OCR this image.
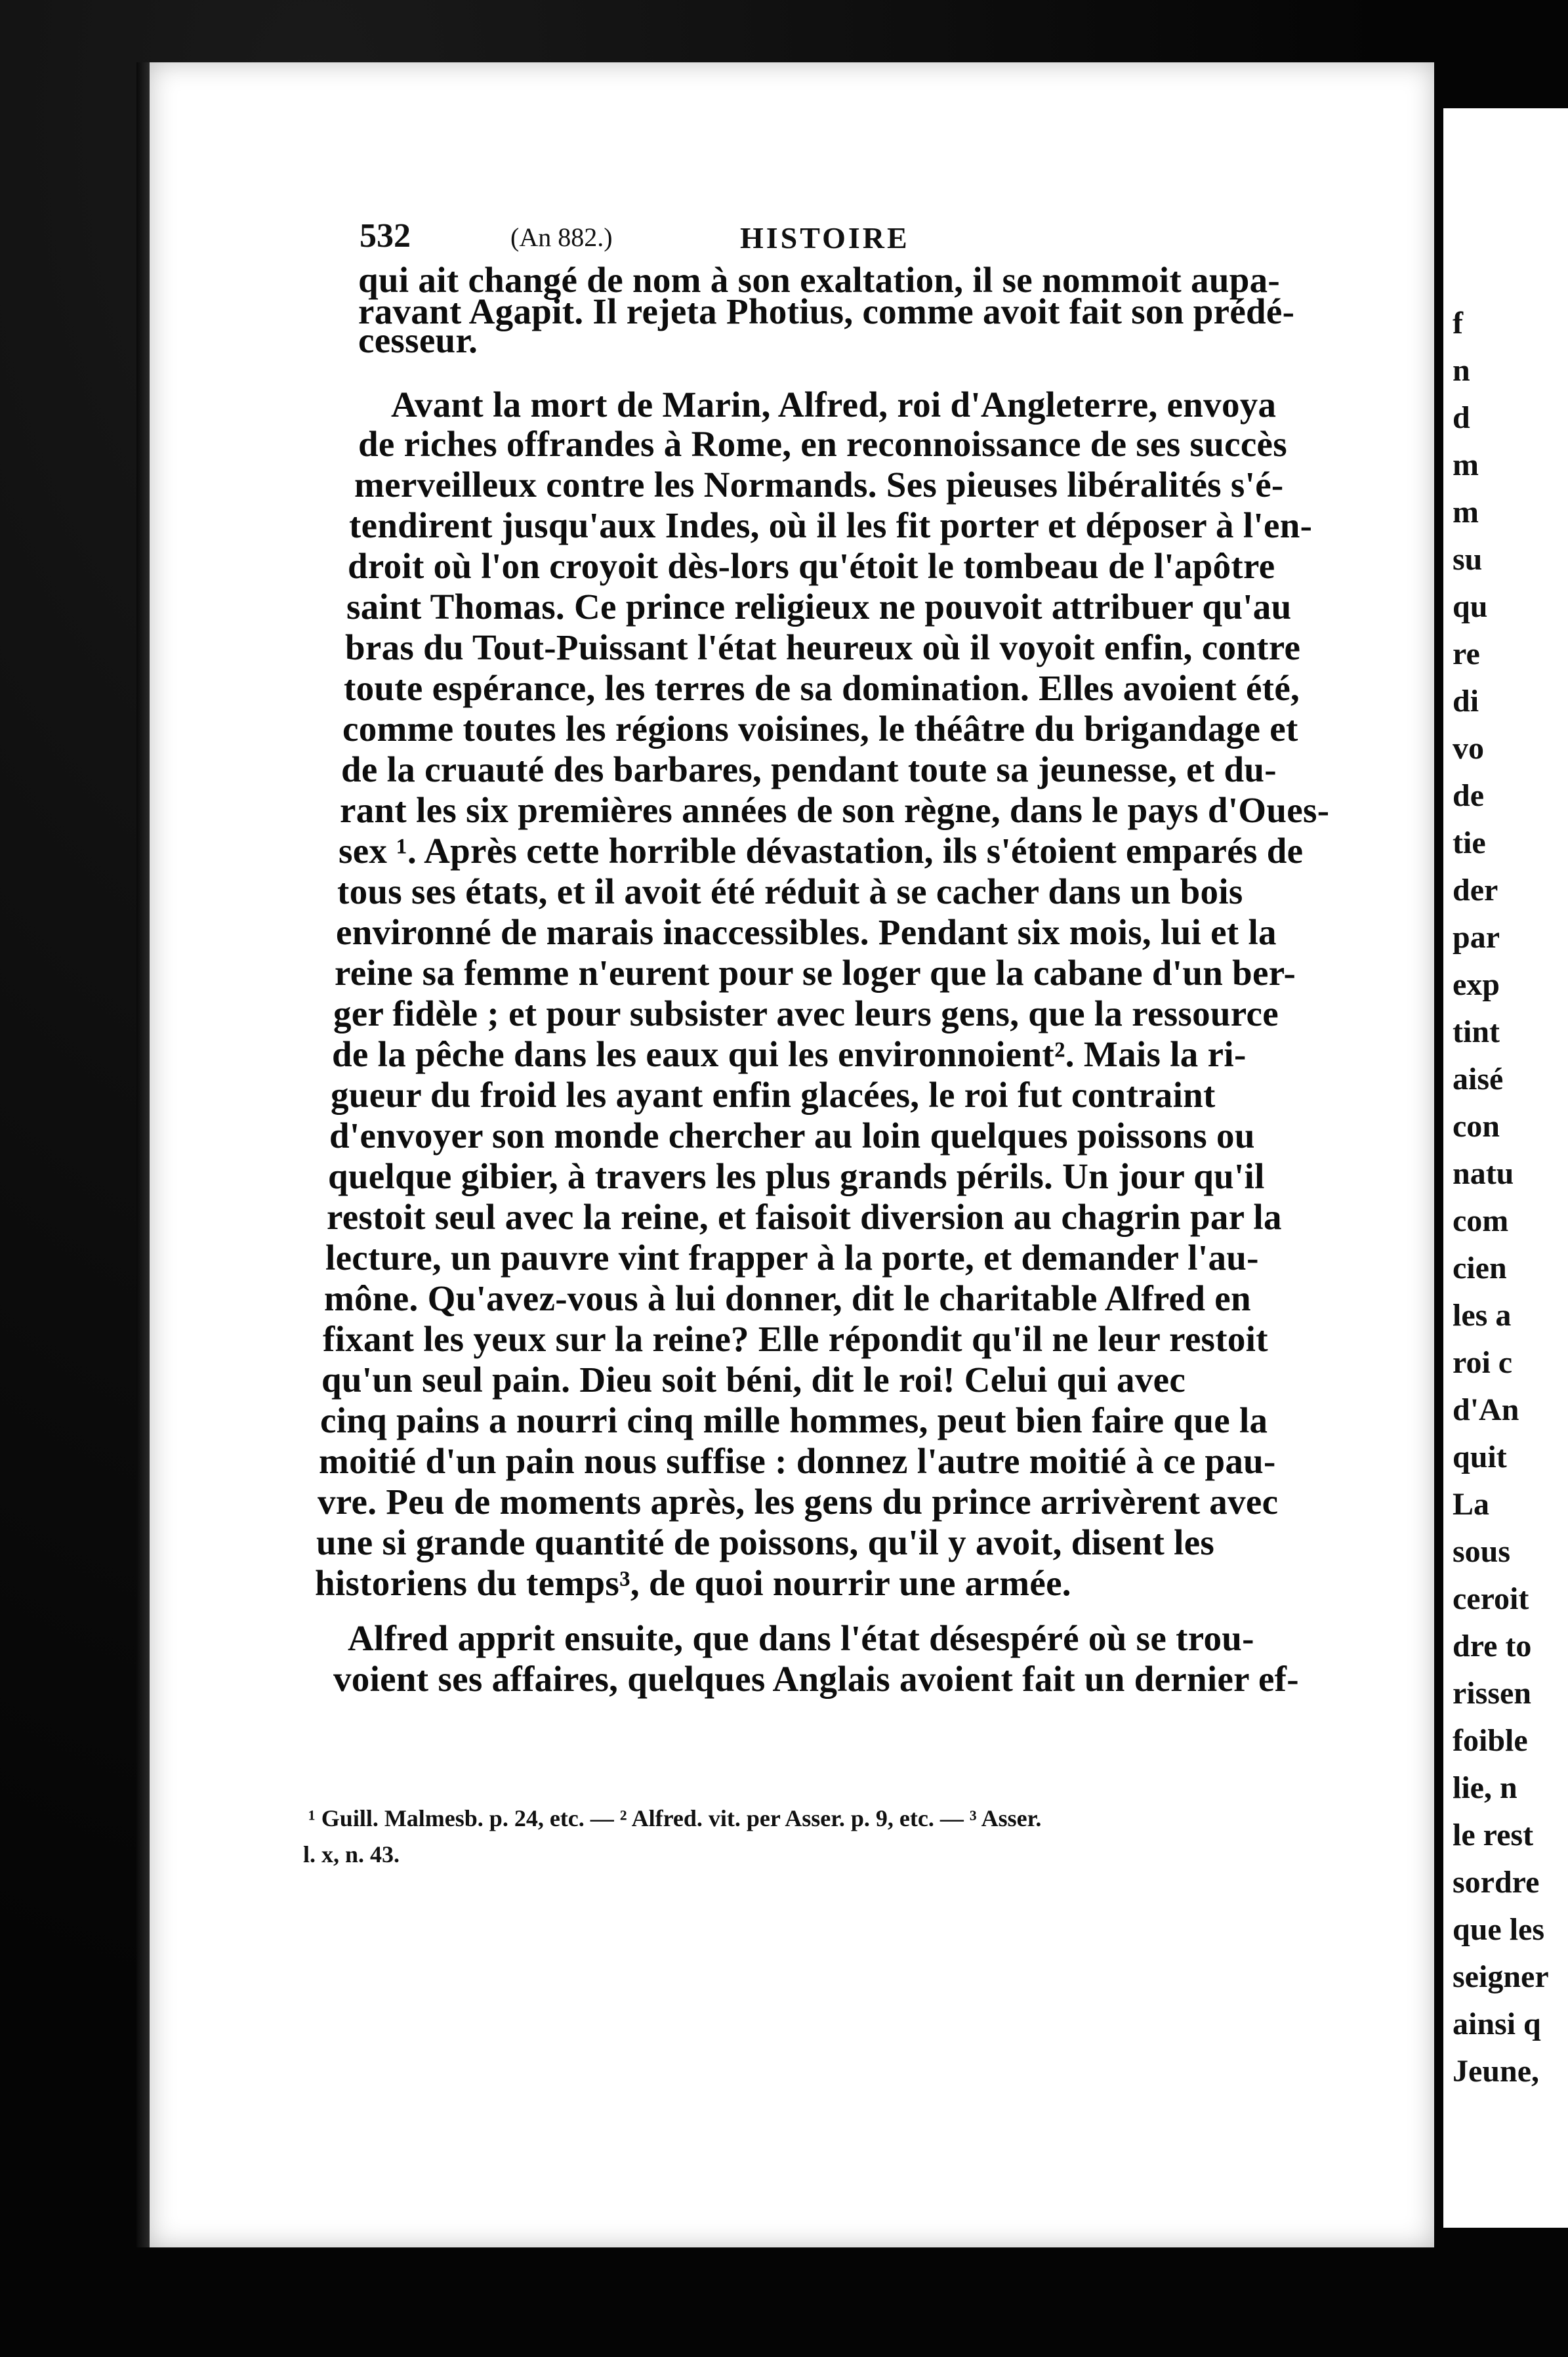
532	(An 882.)	HISTOIRE
qui ait changé de nom à son exaltation, il se nommoit aupa-
ravant Agapit. Il rejeta Photius, comme avoit fait son prédé-
cesseur.
Avant la mort de Marin, Alfred, roi d'Angleterre, envoya
de riches offrandes à Rome, en reconnoissance de ses succès
merveilleux contre les Normands. Ses pieuses libéralités s'é-
tendirent jusqu'aux Indes, où il les fit porter et déposer à l'en-
droit où l'on croyoit dès-lors qu'étoit le tombeau de l'apôtre
saint Thomas. Ce prince religieux ne pouvoit attribuer qu'au
bras du Tout-Puissant l'état heureux où il voyoit enfin, contre
toute espérance, les terres de sa domination. Elles avoient été,
comme toutes les régions voisines, le théâtre du brigandage et
de la cruauté des barbares, pendant toute sa jeunesse, et du-
rant les six premières années de son règne, dans le pays d'Oues-
sex ¹. Après cette horrible dévastation, ils s'étoient emparés de
tous ses états, et il avoit été réduit à se cacher dans un bois
environné de marais inaccessibles. Pendant six mois, lui et la
reine sa femme n'eurent pour se loger que la cabane d'un ber-
ger fidèle ; et pour subsister avec leurs gens, que la ressource
de la pêche dans les eaux qui les environnoient². Mais la ri-
gueur du froid les ayant enfin glacées, le roi fut contraint
d'envoyer son monde chercher au loin quelques poissons ou
quelque gibier, à travers les plus grands périls. Un jour qu'il
restoit seul avec la reine, et faisoit diversion au chagrin par la
lecture, un pauvre vint frapper à la porte, et demander l'au-
mône. Qu'avez-vous à lui donner, dit le charitable Alfred en
fixant les yeux sur la reine? Elle répondit qu'il ne leur restoit
qu'un seul pain. Dieu soit béni, dit le roi! Celui qui avec
cinq pains a nourri cinq mille hommes, peut bien faire que la
moitié d'un pain nous suffise : donnez l'autre moitié à ce pau-
vre. Peu de moments après, les gens du prince arrivèrent avec
une si grande quantité de poissons, qu'il y avoit, disent les
historiens du temps³, de quoi nourrir une armée.
Alfred apprit ensuite, que dans l'état désespéré où se trou-
voient ses affaires, quelques Anglais avoient fait un dernier ef-
¹ Guill. Malmesb. p. 24, etc. — ² Alfred. vit. per Asser. p. 9, etc. — ³ Asser.
l. x, n. 43.
f
n
d
m
m
su
qu
re
di
vo
de
tie
der
par
exp
tint
aisé
con
natu
com
cien
les a
roi c
d'An
quit
La
sous
ceroit
dre to
rissen
foible
lie, n
le rest
sordre
que les
seigner
ainsi q
Jeune,
